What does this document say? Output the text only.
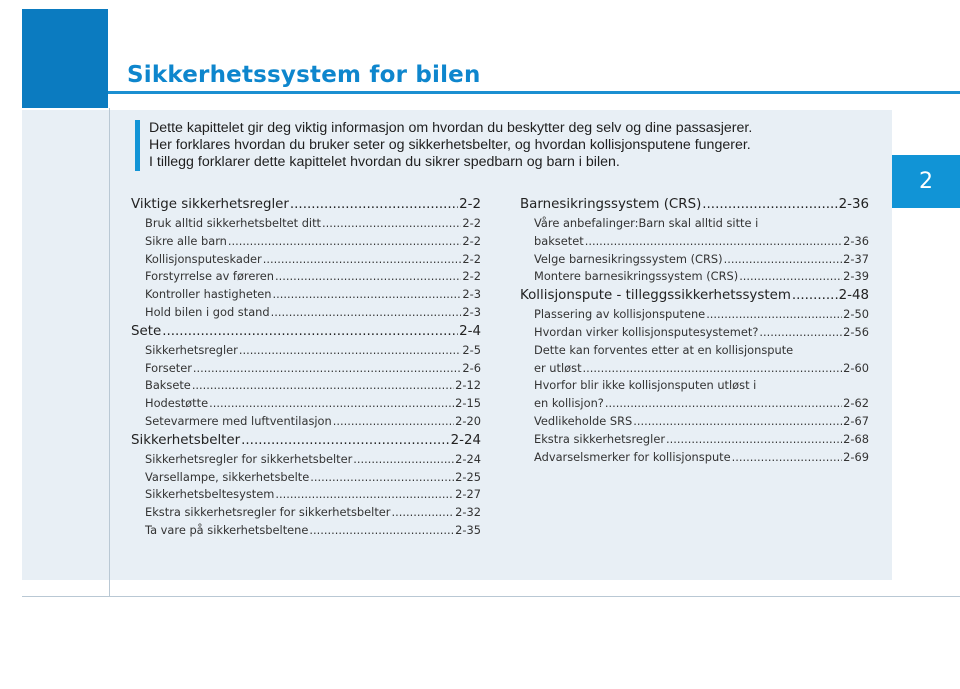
Sikkerhetssystem for bilen
2
Dette kapittelet gir deg viktig informasjon om hvordan du beskytter deg selv og dine passasjerer.
Her forklares hvordan du bruker seter og sikkerhetsbelter, og hvordan kollisjonsputene fungerer.
I tillegg forklarer dette kapittelet hvordan du sikrer spedbarn og barn i bilen.
Viktige sikkerhetsregler .....	2-2
Bruk alltid sikkerhetsbeltet ditt .....	2-2
Sikre alle barn .....	2-2
Kollisjonsputeskader .....	2-2
Forstyrrelse av føreren .....	2-2
Kontroller hastigheten .....	2-3
Hold bilen i god stand .....	2-3
Sete .....	2-4
Sikkerhetsregler .....	2-5
Forseter .....	2-6
Baksete .....	2-12
Hodestøtte .....	2-15
Setevarmere med luftventilasjon .....	2-20
Sikkerhetsbelter .....	2-24
Sikkerhetsregler for sikkerhetsbelter .....	2-24
Varsellampe, sikkerhetsbelte .....	2-25
Sikkerhetsbeltesystem .....	2-27
Ekstra sikkerhetsregler for sikkerhetsbelter .....	2-32
Ta vare på sikkerhetsbeltene .....	2-35
Barnesikringssystem (CRS) .....	2-36
Våre anbefalinger:Barn skal alltid sitte i
baksetet .....	2-36
Velge barnesikringssystem (CRS) .....	2-37
Montere barnesikringssystem (CRS) .....	2-39
Kollisjonspute - tilleggssikkerhetssystem .....	2-48
Plassering av kollisjonsputene .....	2-50
Hvordan virker kollisjonsputesystemet? .....	2-56
Dette kan forventes etter at en kollisjonspute
er utløst .....	2-60
Hvorfor blir ikke kollisjonsputen utløst i
en kollisjon? .....	2-62
Vedlikeholde SRS .....	2-67
Ekstra sikkerhetsregler .....	2-68
Advarselsmerker for kollisjonspute .....	2-69
